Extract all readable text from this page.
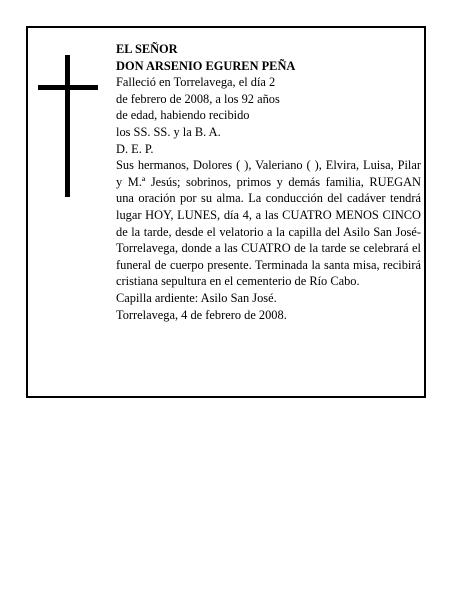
EL SEÑOR
DON ARSENIO EGUREN PEÑA
Falleció en Torrelavega, el día 2
de febrero de 2008, a los 92 años
de edad, habiendo recibido
los SS. SS. y la B. A.
D. E. P.
Sus hermanos, Dolores ( ), Valeriano ( ), Elvira, Luisa, Pilar y M.ª Jesús; sobrinos, primos y demás familia, RUEGAN una oración por su alma. La conducción del cadáver tendrá lugar HOY, LUNES, día 4, a las CUATRO MENOS CINCO de la tarde, desde el velatorio a la capilla del Asilo San José-Torrelavega, donde a las CUATRO de la tarde se celebrará el funeral de cuerpo presente. Terminada la santa misa, recibirá cristiana sepultura en el cementerio de Río Cabo.
Capilla ardiente: Asilo San José.
Torrelavega, 4 de febrero de 2008.
